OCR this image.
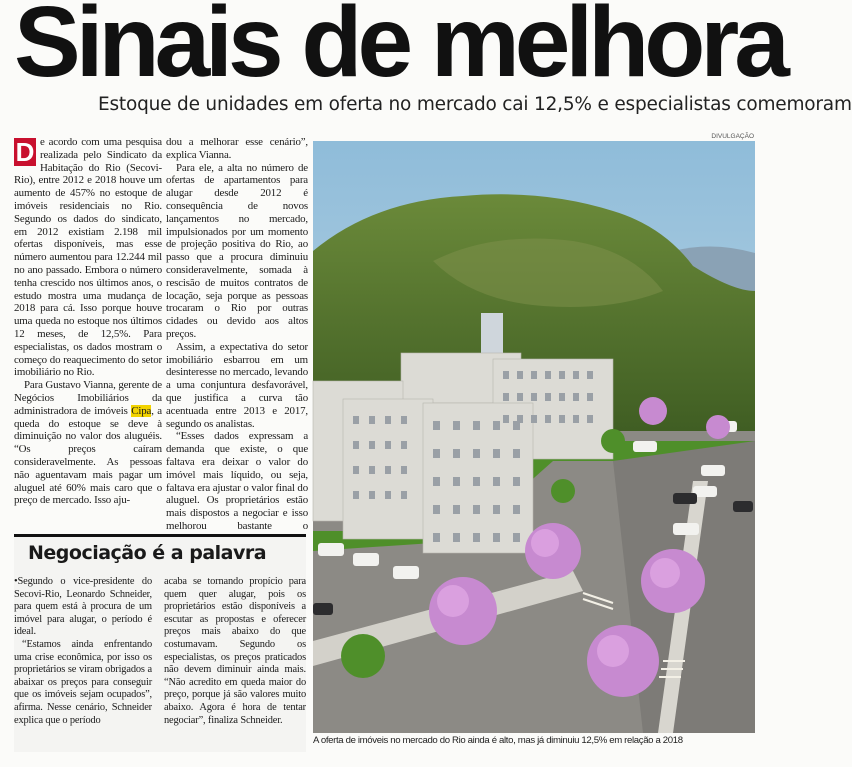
Sinais de melhora
Estoque de unidades em oferta no mercado cai 12,5% e especialistas comemoram
DIVULGAÇÃO

D e acordo com uma pesquisa realizada pelo Sindicato da Habitação do Rio (Secovi-Rio), entre 2012 e 2018 houve um aumento de 457% no estoque de imóveis residenciais no Rio. Segundo os dados do sindicato, em 2012 existiam 2.198 mil ofertas disponíveis, mas esse número aumentou para 12.244 mil no ano passado. Embora o número tenha crescido nos últimos anos, o estudo mostra uma mudança de 2018 para cá. Isso porque houve uma queda no estoque nos últimos 12 meses, de 12,5%. Para especialistas, os dados mostram o começo do reaquecimento do setor imobiliário no Rio.

Para Gustavo Vianna, gerente de Negócios Imobiliários da administradora de imóveis Cipa, a queda do estoque se deve à diminuição no valor dos aluguéis. “Os preços caíram consideravelmente. As pessoas não aguentavam mais pagar um aluguel até 60% mais caro que o preço de mercado. Isso aju-

dou a melhorar esse cenário”, explica Vianna.

Para ele, a alta no número de ofertas de apartamentos para alugar desde 2012 é consequência de novos lançamentos no mercado, impulsionados por um momento de projeção positiva do Rio, ao passo que a procura diminuiu consideravelmente, somada à rescisão de muitos contratos de locação, seja porque as pessoas trocaram o Rio por outras cidades ou devido aos altos preços.

Assim, a expectativa do setor imobiliário esbarrou em um desinteresse no mercado, levando a uma conjuntura desfavorável, que justifica a curva tão acentuada entre 2013 e 2017, segundo os analistas.

“Esses dados expressam a demanda que existe, o que faltava era deixar o valor do imóvel mais líquido, ou seja, faltava era ajustar o valor final do aluguel. Os proprietários estão mais dispostos a negociar e isso melhorou bastante o

Negociação é a palavra

•Segundo o vice-presidente do Secovi-Rio, Leonardo Schneider, para quem está à procura de um imóvel para alugar, o período é ideal.

“Estamos ainda enfrentando uma crise econômica, por isso os proprietários se viram obrigados a abaixar os preços para conseguir que os imóveis sejam ocupados”, afirma. Nesse cenário, Schneider explica que o período

acaba se tornando propício para quem quer alugar, pois os proprietários estão disponíveis a escutar as propostas e oferecer preços mais abaixo do que costumavam. Segundo os especialistas, os preços praticados não devem diminuir ainda mais. “Não acredito em queda maior do preço, porque já são valores muito abaixo. Agora é hora de tentar negociar”, finaliza Schneider.

A oferta de imóveis no mercado do Rio ainda é alto, mas já diminuiu 12,5% em relação a 2018
